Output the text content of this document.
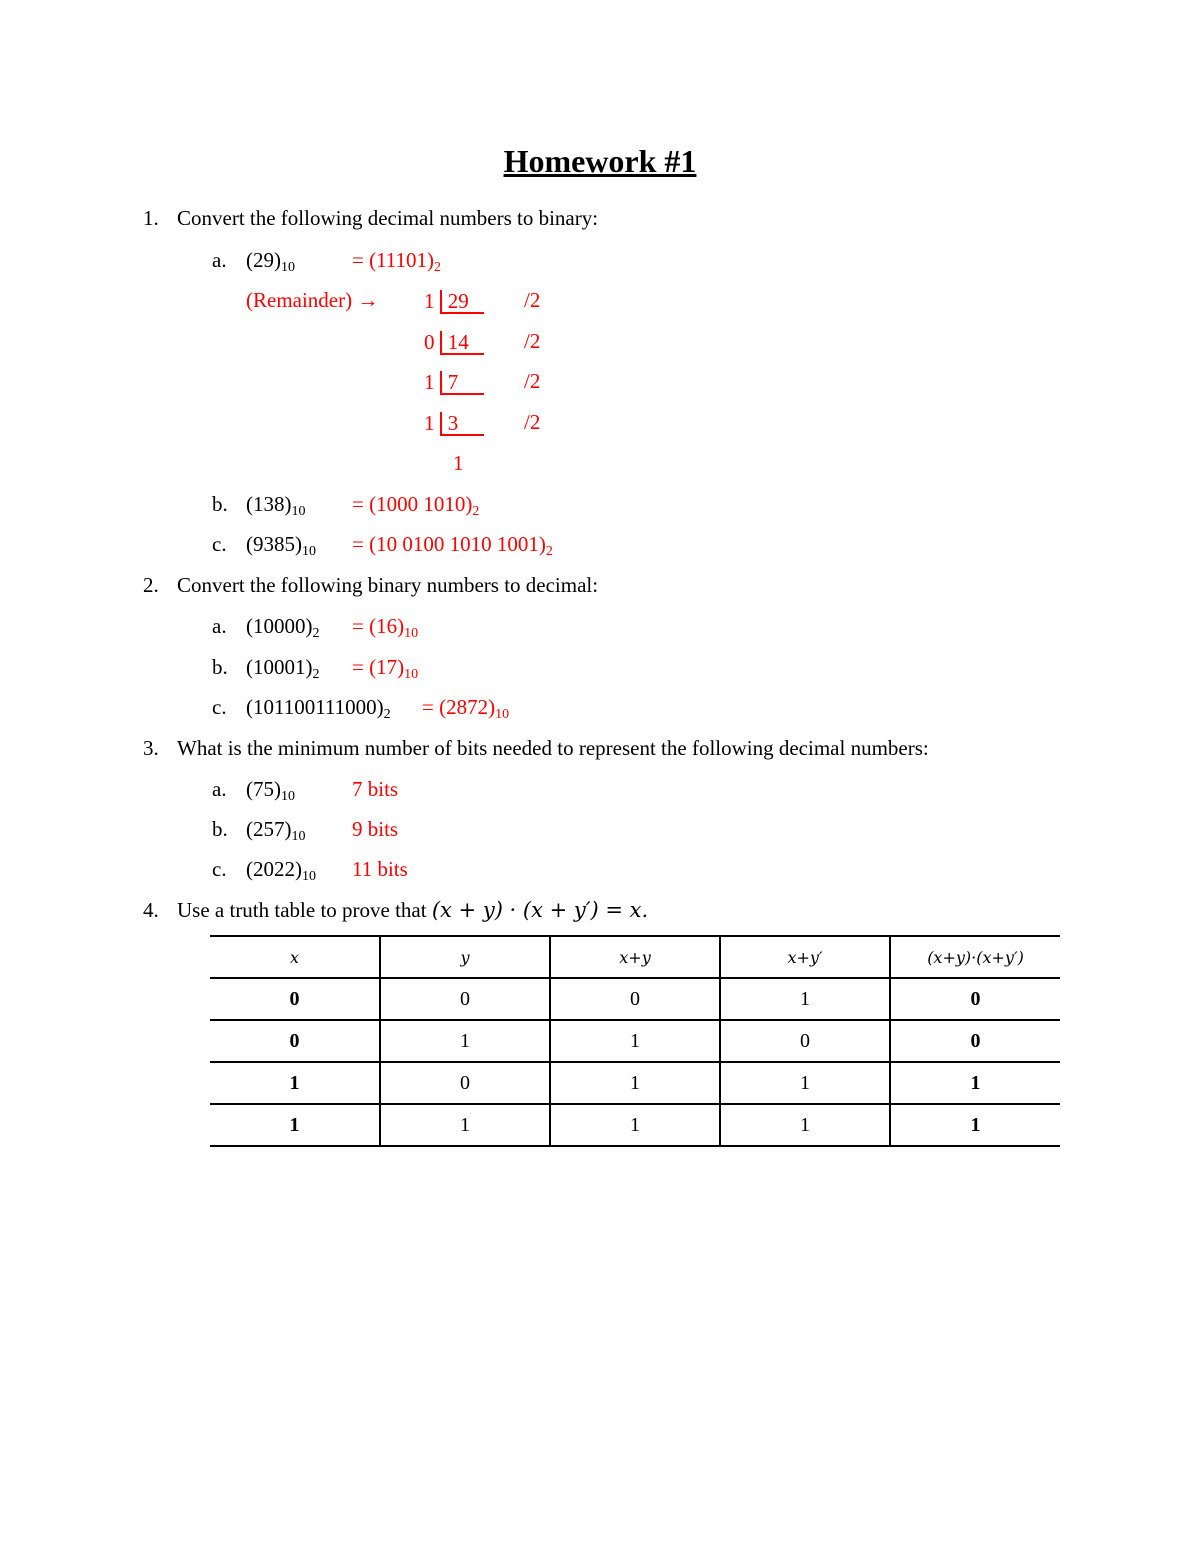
Homework #1
1. Convert the following decimal numbers to binary:
a. $(29)_{10}$	= $(11101)_2$
(Remainder) → 1 29	/2
0 14	/2
1 7	/2
1 3	/2
1
b. $(138)_{10} = (1000$ $1010)_2$
c. $(9385)_{10} = (10$ 0100 1010 $1001)_2$
2. Convert the following binary numbers to decimal:
a. $(10000)_2 = (16)_{10}$
b. $(10001)_2 = (17)_{10}$
c. $(101100111000)_2 = (2872)_{10}$
3. What is the minimum number of bits needed to represent the following decimal numbers:
a. $(75)_{10}$	7 bits
b. $(257)_{10}$ 9 bits
c. $(2022)_{10}$ 11 bits
4. Use a truth table to prove that (x + y) · (x + y′) = x.
x	y	x+y	x+y′	(x+y)·(x+y′)
0	0	0	1	0
0	1	1	0	0
1	0	1	1	1
1	1	1	1	1
